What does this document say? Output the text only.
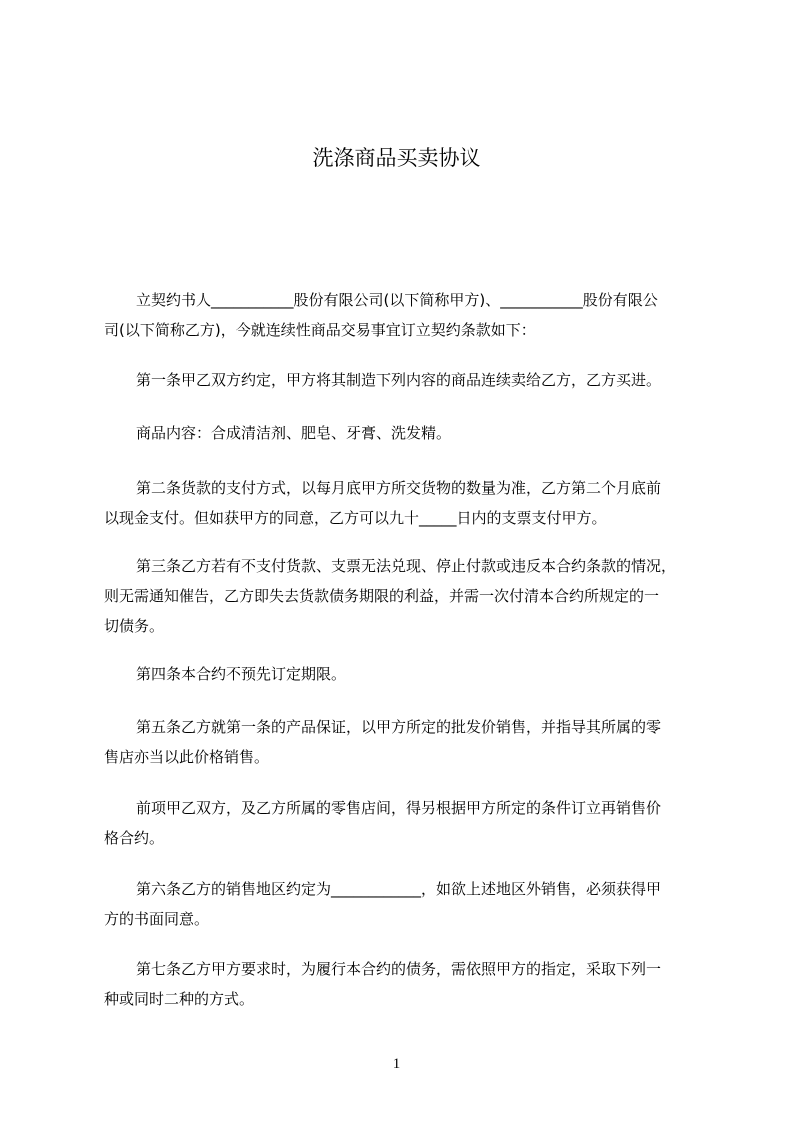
洗涤商品买卖协议
立契约书人___________股份有限公司(以下简称甲方)、___________股份有限公
司(以下简称乙方)，今就连续性商品交易事宜订立契约条款如下：
第一条甲乙双方约定，甲方将其制造下列内容的商品连续卖给乙方，乙方买进。
商品内容：合成清洁剂、肥皂、牙膏、洗发精。
第二条货款的支付方式，以每月底甲方所交货物的数量为准，乙方第二个月底前
以现金支付。但如获甲方的同意，乙方可以九十_____日内的支票支付甲方。
第三条乙方若有不支付货款、支票无法兑现、停止付款或违反本合约条款的情况，
则无需通知催告，乙方即失去货款债务期限的利益，并需一次付清本合约所规定的一
切债务。
第四条本合约不预先订定期限。
第五条乙方就第一条的产品保证，以甲方所定的批发价销售，并指导其所属的零
售店亦当以此价格销售。
前项甲乙双方，及乙方所属的零售店间，得另根据甲方所定的条件订立再销售价
格合约。
第六条乙方的销售地区约定为____________，如欲上述地区外销售，必须获得甲
方的书面同意。
第七条乙方甲方要求时，为履行本合约的债务，需依照甲方的指定，采取下列一
种或同时二种的方式。
1
